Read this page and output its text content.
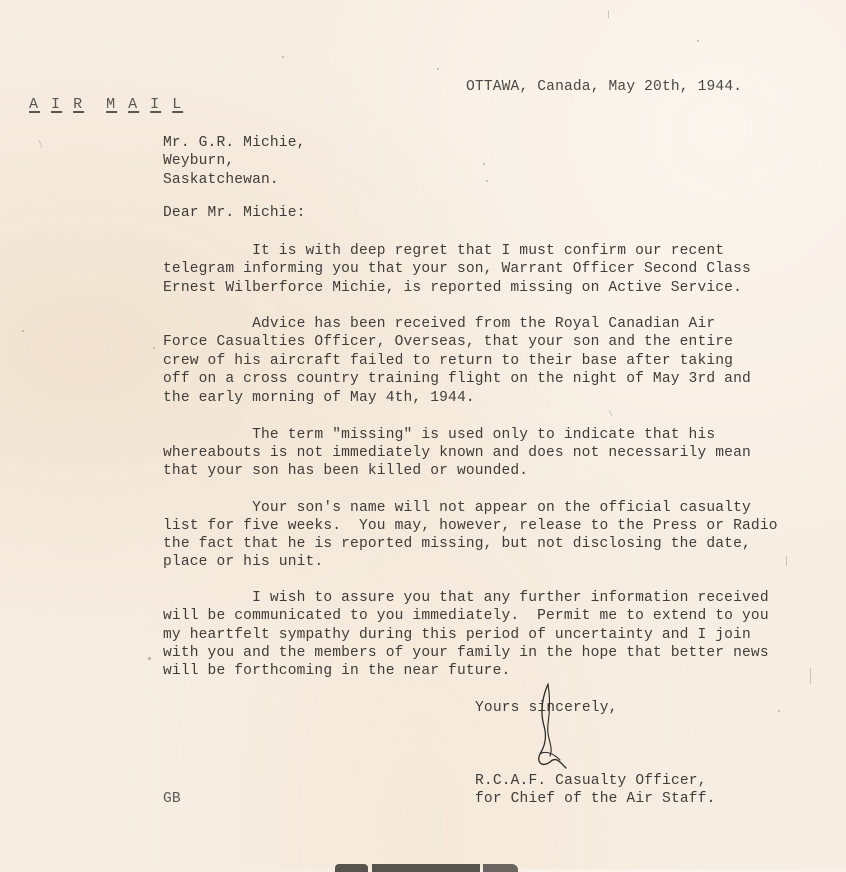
A I R M A I L

OTTAWA, Canada, May 20th, 1944.
Mr. G.R. Michie,
Weyburn,
Saskatchewan.
Dear Mr. Michie:
It is with deep regret that I must confirm our recent
telegram informing you that your son, Warrant Officer Second Class
Ernest Wilberforce Michie, is reported missing on Active Service.
Advice has been received from the Royal Canadian Air
Force Casualties Officer, Overseas, that your son and the entire
crew of his aircraft failed to return to their base after taking
off on a cross country training flight on the night of May 3rd and
the early morning of May 4th, 1944.
The term "missing" is used only to indicate that his
whereabouts is not immediately known and does not necessarily mean
that your son has been killed or wounded.
Your son's name will not appear on the official casualty
list for five weeks.  You may, however, release to the Press or Radio
the fact that he is reported missing, but not disclosing the date,
place or his unit.
I wish to assure you that any further information received
will be communicated to you immediately.  Permit me to extend to you
my heartfelt sympathy during this period of uncertainty and I join
with you and the members of your family in the hope that better news
will be forthcoming in the near future.
Yours sincerely,
R.C.A.F. Casualty Officer,
for Chief of the Air Staff.
GB
